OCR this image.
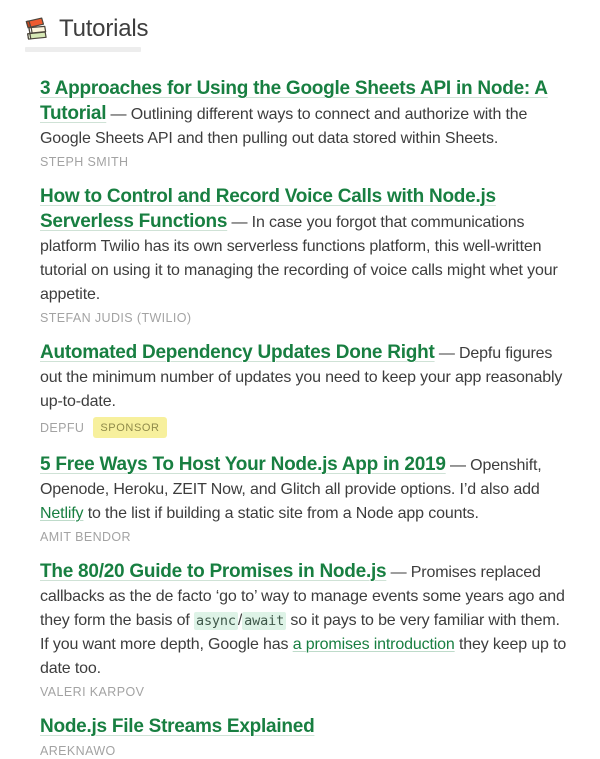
Tutorials

3 Approaches for Using the Google Sheets API in Node: A Tutorial — Outlining different ways to connect and authorize with the Google Sheets API and then pulling out data stored within Sheets.

STEPH SMITH

How to Control and Record Voice Calls with Node.js Serverless Functions — In case you forgot that communications platform Twilio has its own serverless functions platform, this well-written tutorial on using it to managing the recording of voice calls might whet your appetite.

STEFAN JUDIS (TWILIO)

Automated Dependency Updates Done Right — Depfu figures out the minimum number of updates you need to keep your app reasonably up-to-date.

DEPFU	SPONSOR

5 Free Ways To Host Your Node.js App in 2019 — Openshift, Openode, Heroku, ZEIT Now, and Glitch all provide options. I’d also add Netlify to the list if building a static site from a Node app counts.

AMIT BENDOR

The 80/20 Guide to Promises in Node.js — Promises replaced callbacks as the de facto ‘go to’ way to manage events some years ago and they form the basis of async / await so it pays to be very familiar with them. If you want more depth, Google has a promises introduction they keep up to date too.

VALERI KARPOV

Node.js File Streams Explained

AREKNAWO
